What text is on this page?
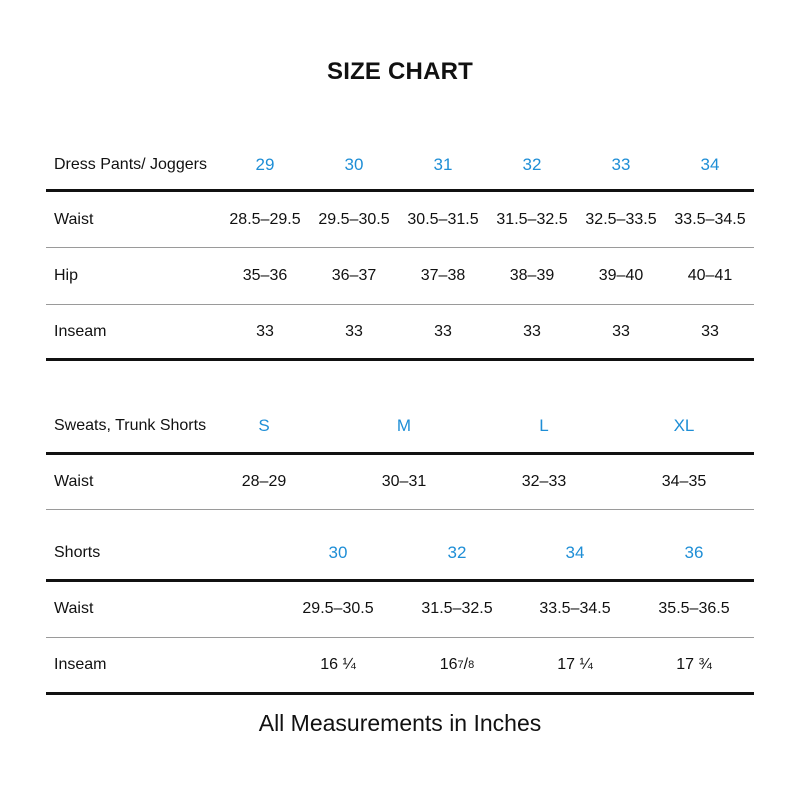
SIZE CHART
Dress Pants/ Joggers	29	30	31	32	33	34
Waist	28.5–29.5	29.5–30.5	30.5–31.5	31.5–32.5	32.5–33.5	33.5–34.5
Hip	35–36	36–37	37–38	38–39	39–40	40–41
Inseam	33	33	33	33	33	33
Sweats, Trunk Shorts	S	M	L	XL
Waist	28–29	30–31	32–33	34–35
Shorts	30	32	34	36
Waist	29.5–30.5	31.5–32.5	33.5–34.5	35.5–36.5
Inseam	16 ¼	16 7 / 8	17 ¼	17 ¾
All Measurements in Inches
